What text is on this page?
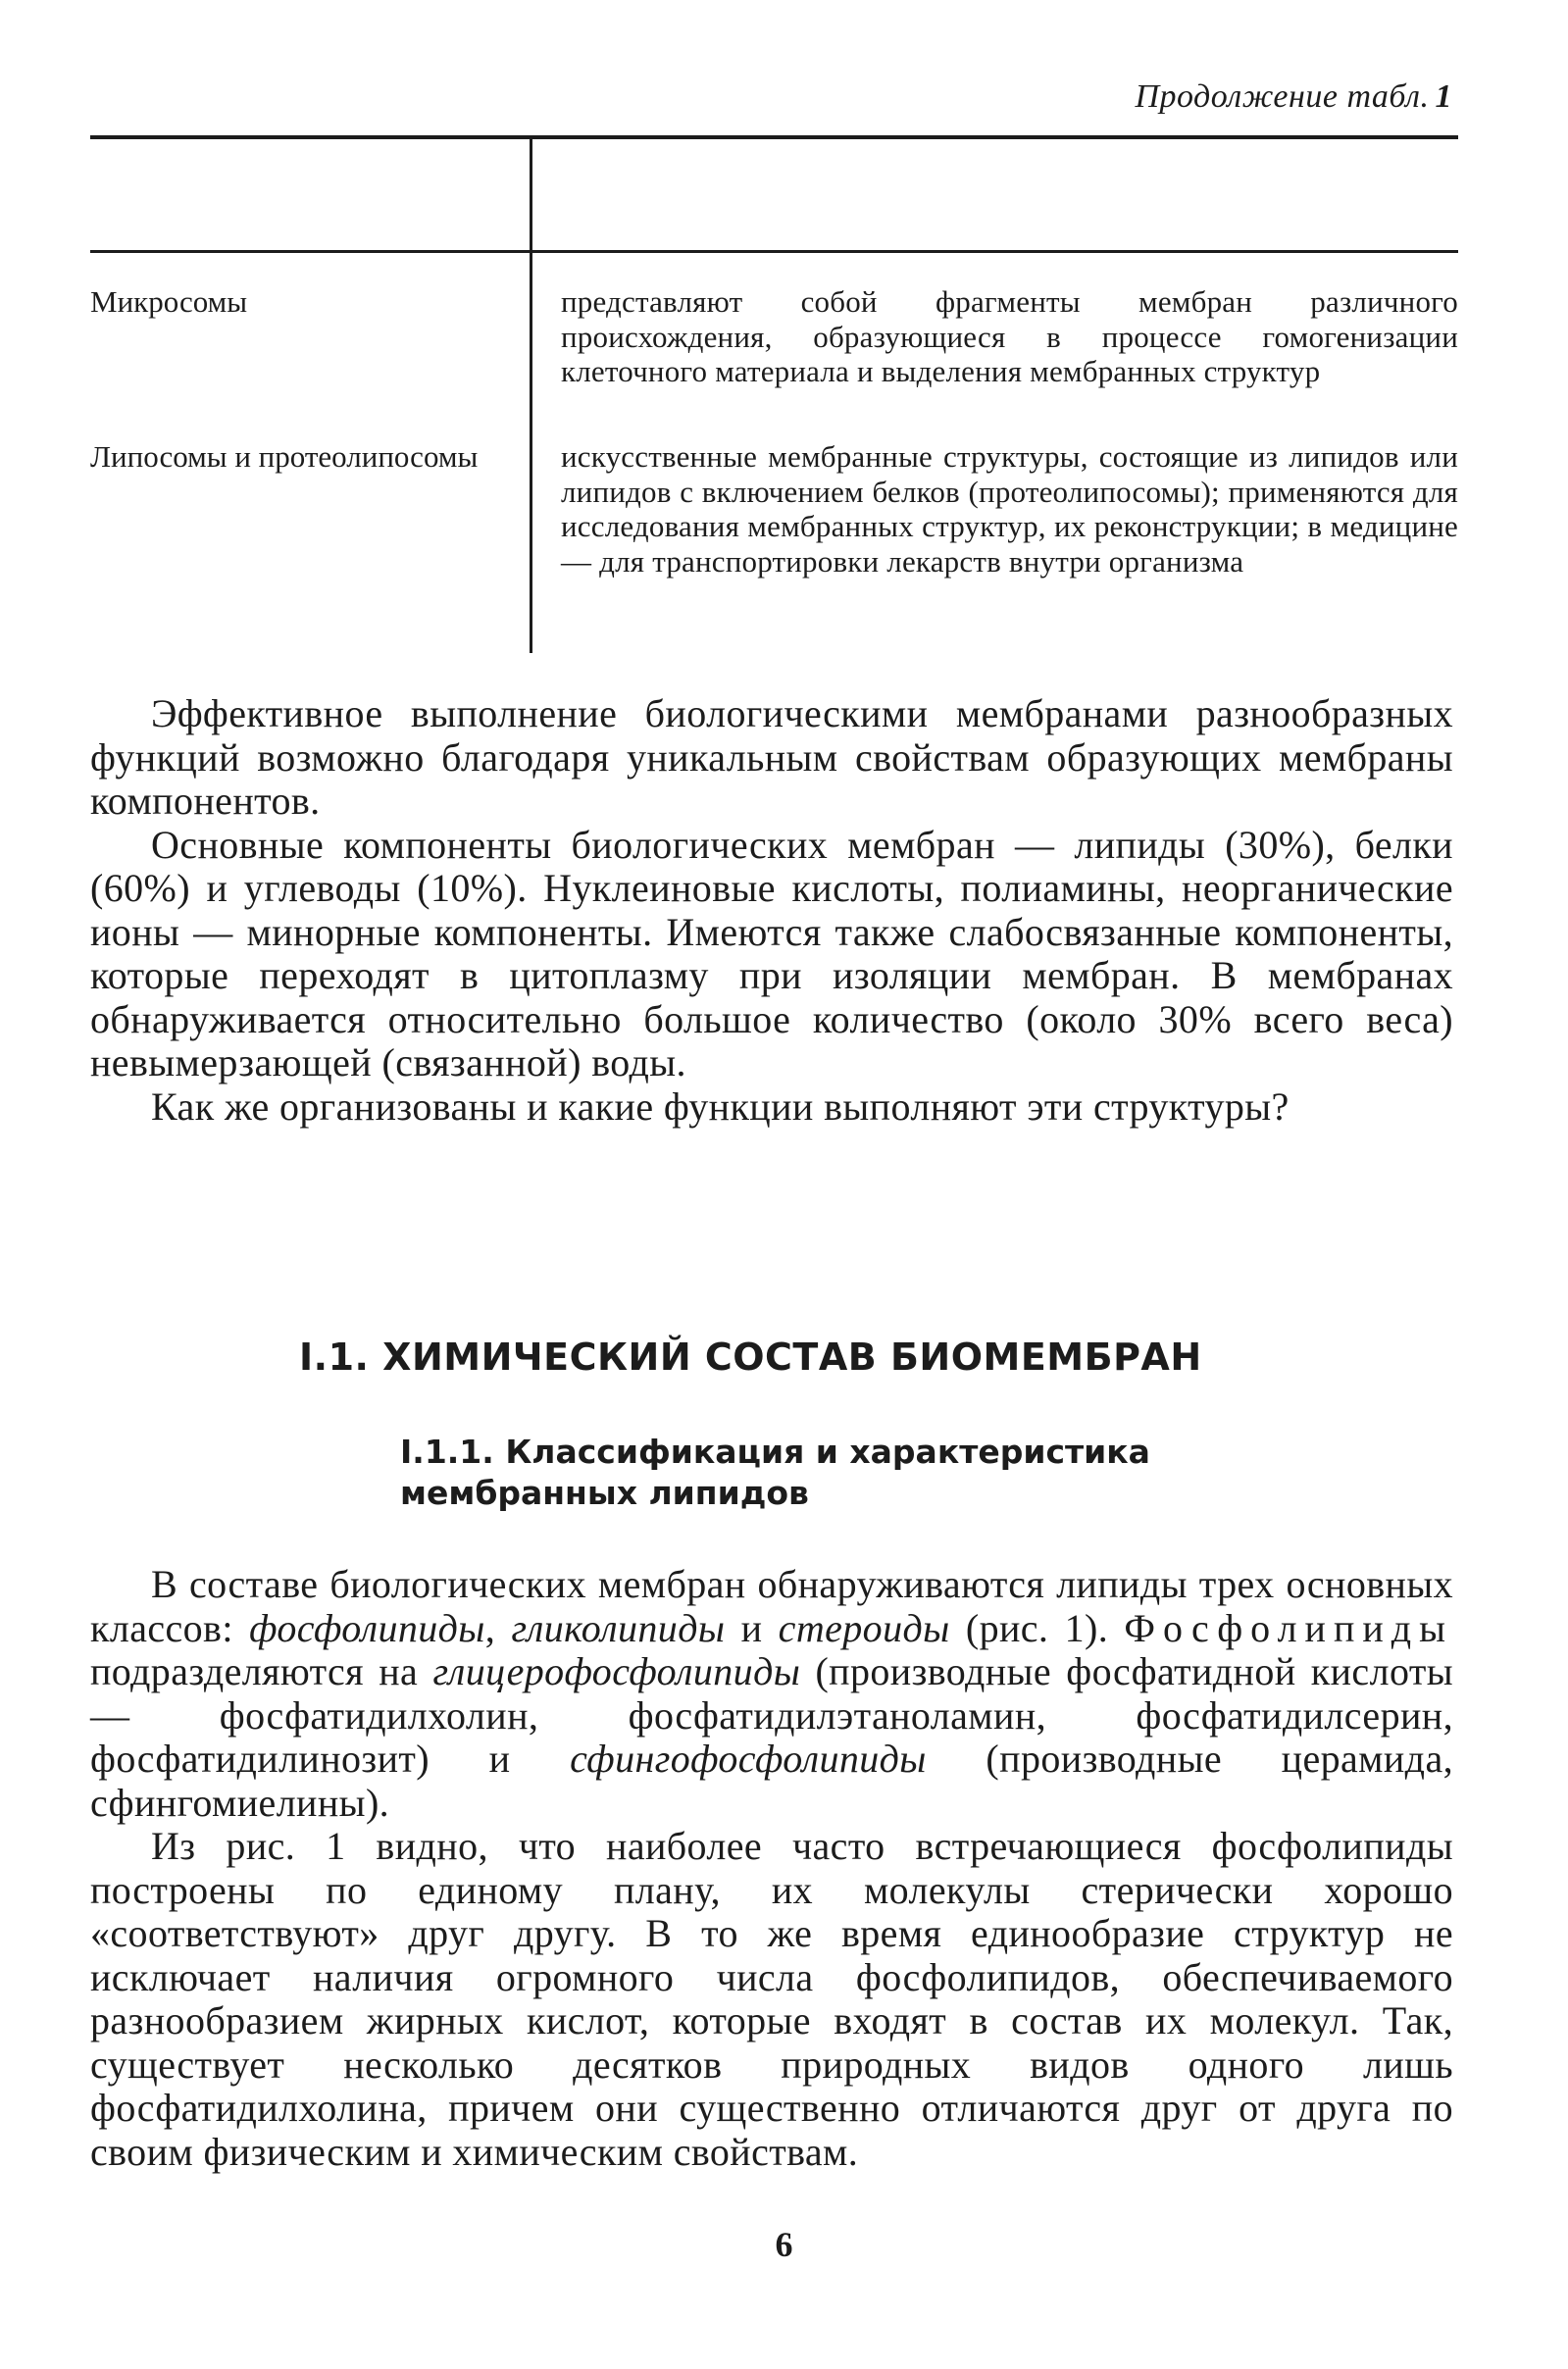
Продолжение табл. 1
Микросомы	представляют собой фрагменты мембран различного происхождения, образующиеся в процессе гомогенизации клеточного материала и выделения мембранных структур
Липосомы и протеолипосомы	искусственные мембранные структуры, состоящие из липидов или липидов с включением белков (протеолипосомы); применяются для исследования мембранных структур, их реконструкции; в медицине — для транспортировки лекарств внутри организма

Эффективное выполнение биологическими мембранами разнообразных функций возможно благодаря уникальным свойствам образующих мембраны компонентов.

Основные компоненты биологических мембран — липиды (30%), белки (60%) и углеводы (10%). Нуклеиновые кислоты, полиамины, неорганические ионы — минорные компоненты. Имеются также слабосвязанные компоненты, которые переходят в цитоплазму при изоляции мембран. В мембранах обнаруживается относительно большое количество (около 30% всего веса) невымерзающей (связанной) воды.

Как же организованы и какие функции выполняют эти структуры?

I.1. ХИМИЧЕСКИЙ СОСТАВ БИОМЕМБРАН
I.1.1. Классификация и характеристика
мембранных липидов

В составе биологических мембран обнаруживаются липиды трех основных классов: фосфолипиды, гликолипиды и стероиды (рис. 1). Фосфолипиды подразделяются на глицерофосфолипиды (производные фосфатидной кислоты — фосфатидилхолин, фосфатидилэтаноламин, фосфатидилсерин, фосфатидилинозит) и сфингофосфолипиды (производные церамида, сфингомиелины).

Из рис. 1 видно, что наиболее часто встречающиеся фосфолипиды построены по единому плану, их молекулы стерически хорошо «соответствуют» друг другу. В то же время единообразие структур не исключает наличия огромного числа фосфолипидов, обеспечиваемого разнообразием жирных кислот, которые входят в состав их молекул. Так, существует несколько десятков природных видов одного лишь фосфатидилхолина, причем они существенно отличаются друг от друга по своим физическим и химическим свойствам.

6
